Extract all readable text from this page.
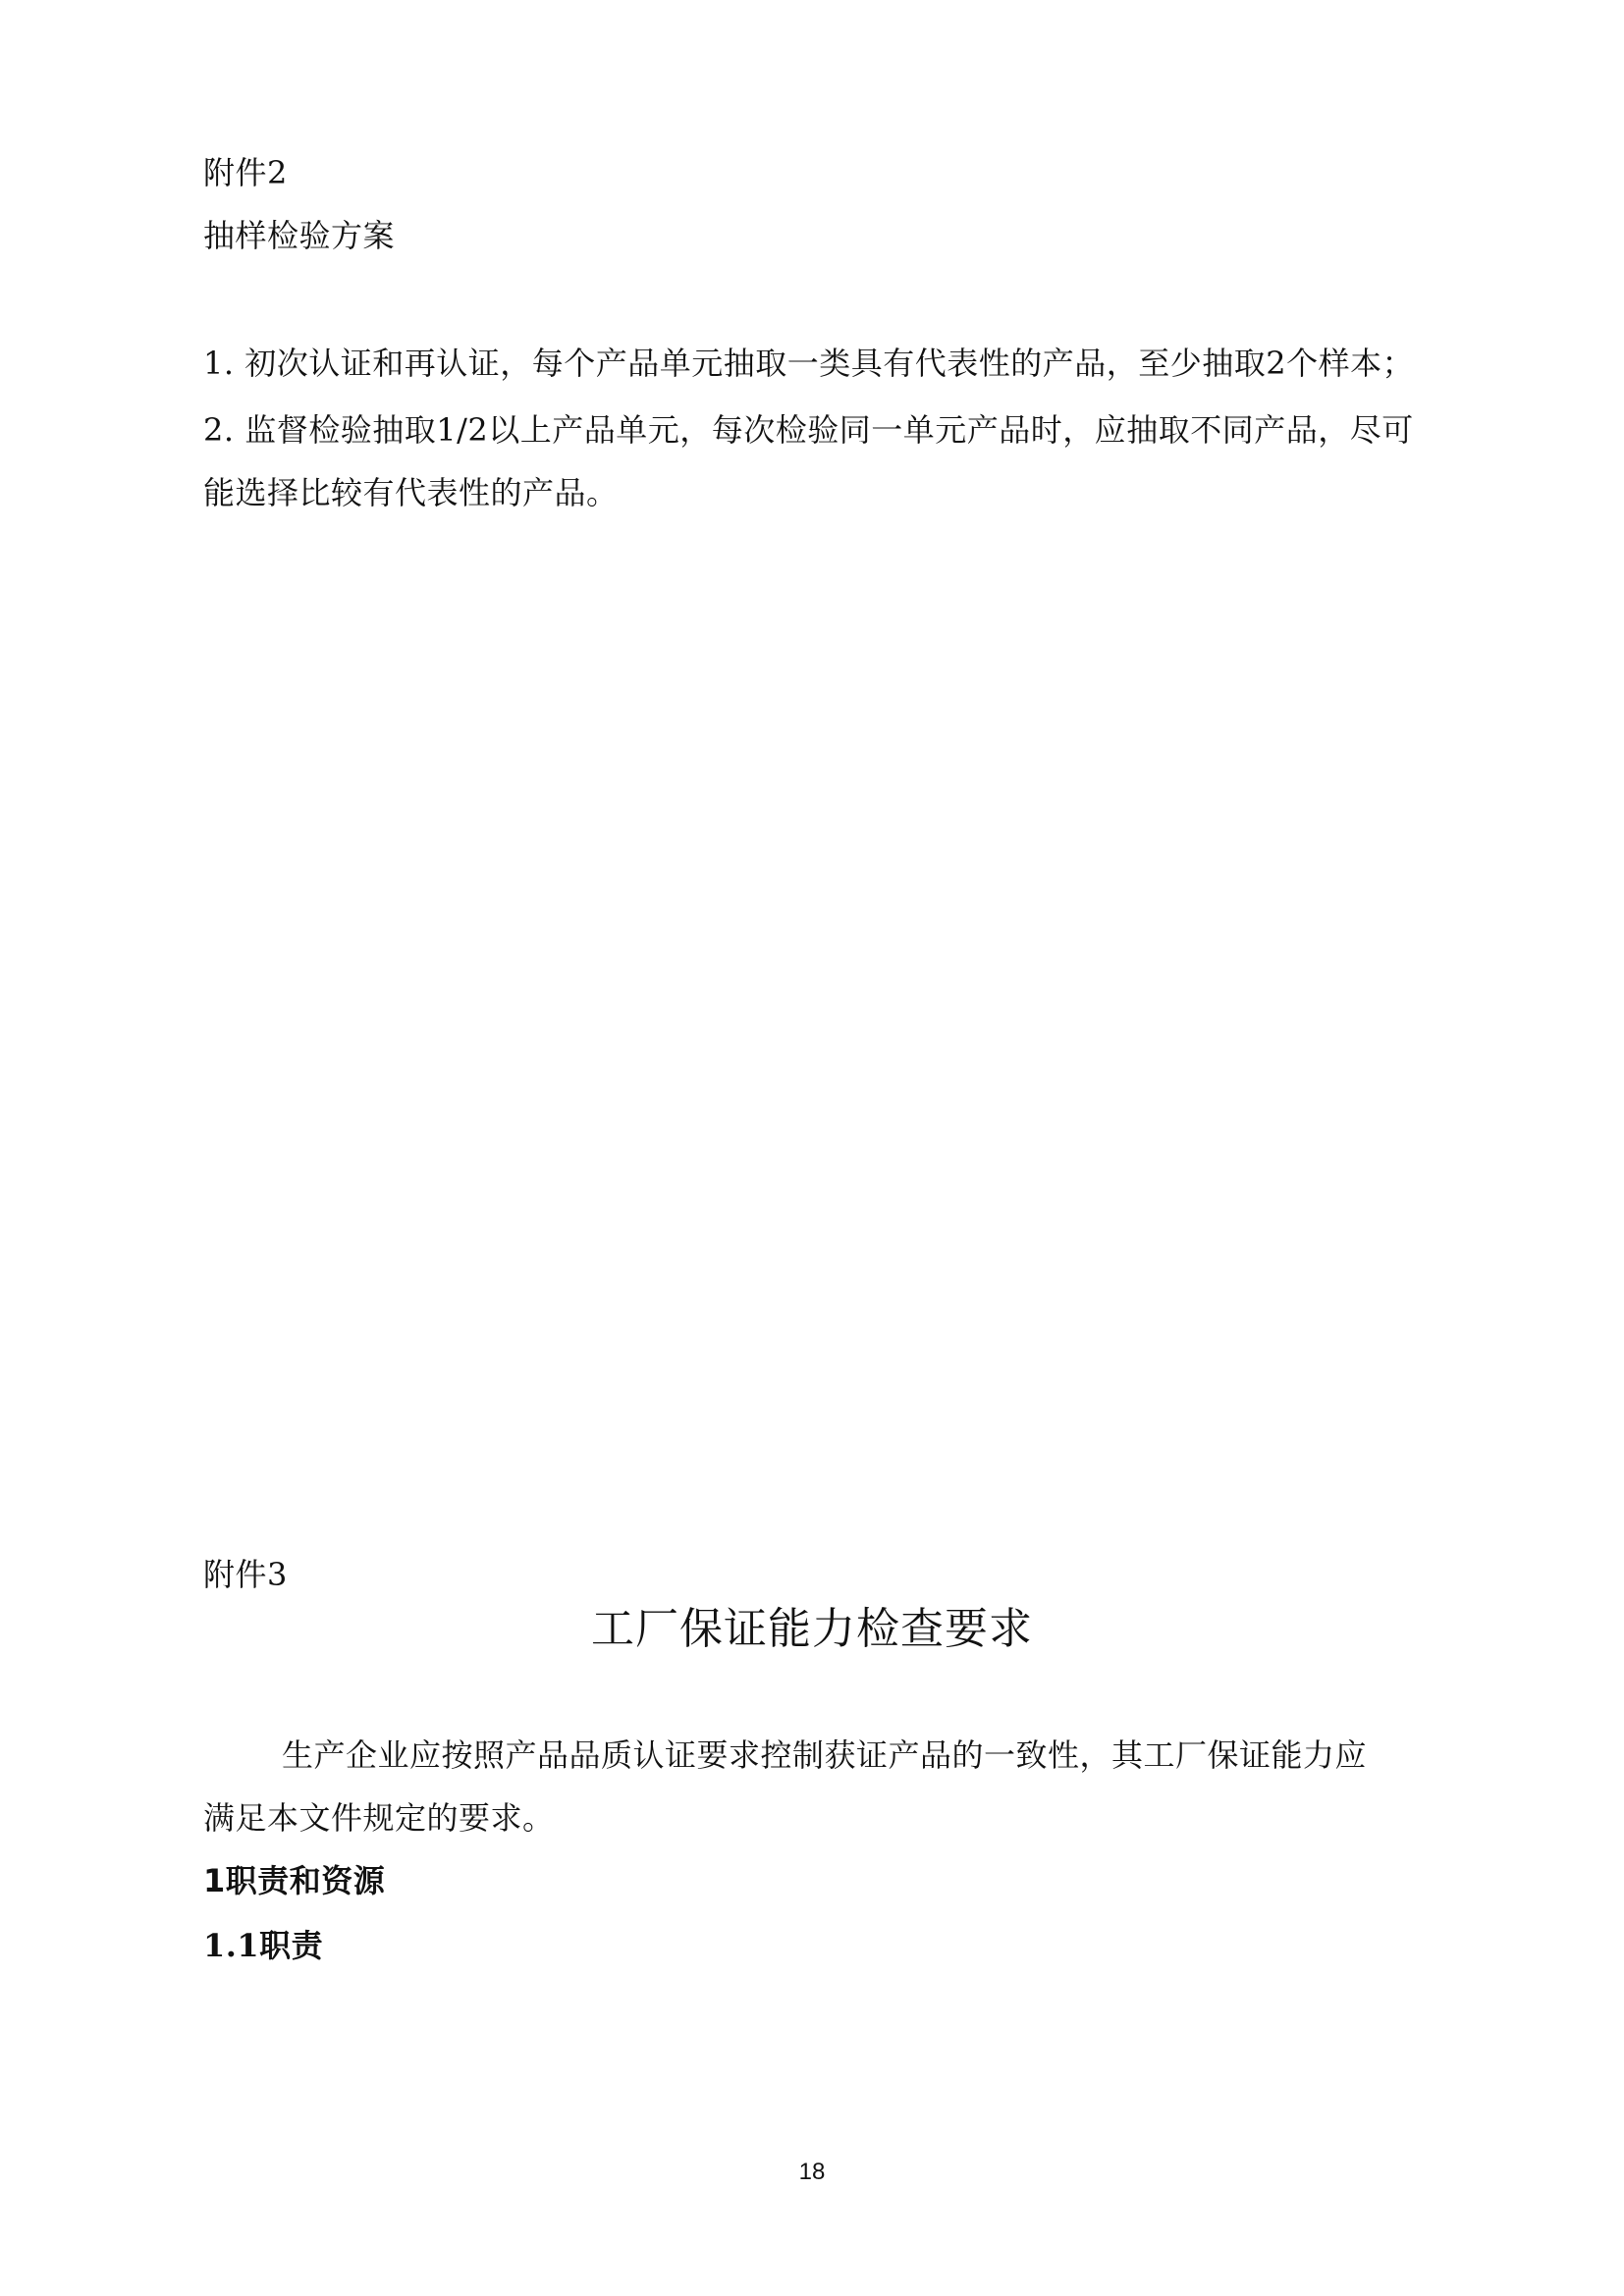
附件2
抽样检验方案
1. 初次认证和再认证，每个产品单元抽取一类具有代表性的产品，至少抽取2个样本；
2. 监督检验抽取1/2以上产品单元，每次检验同一单元产品时，应抽取不同产品，尽可
能选择比较有代表性的产品。
附件3
工厂保证能力检查要求
生产企业应按照产品品质认证要求控制获证产品的一致性，其工厂保证能力应
满足本文件规定的要求。
1职责和资源
1.1职责
18
